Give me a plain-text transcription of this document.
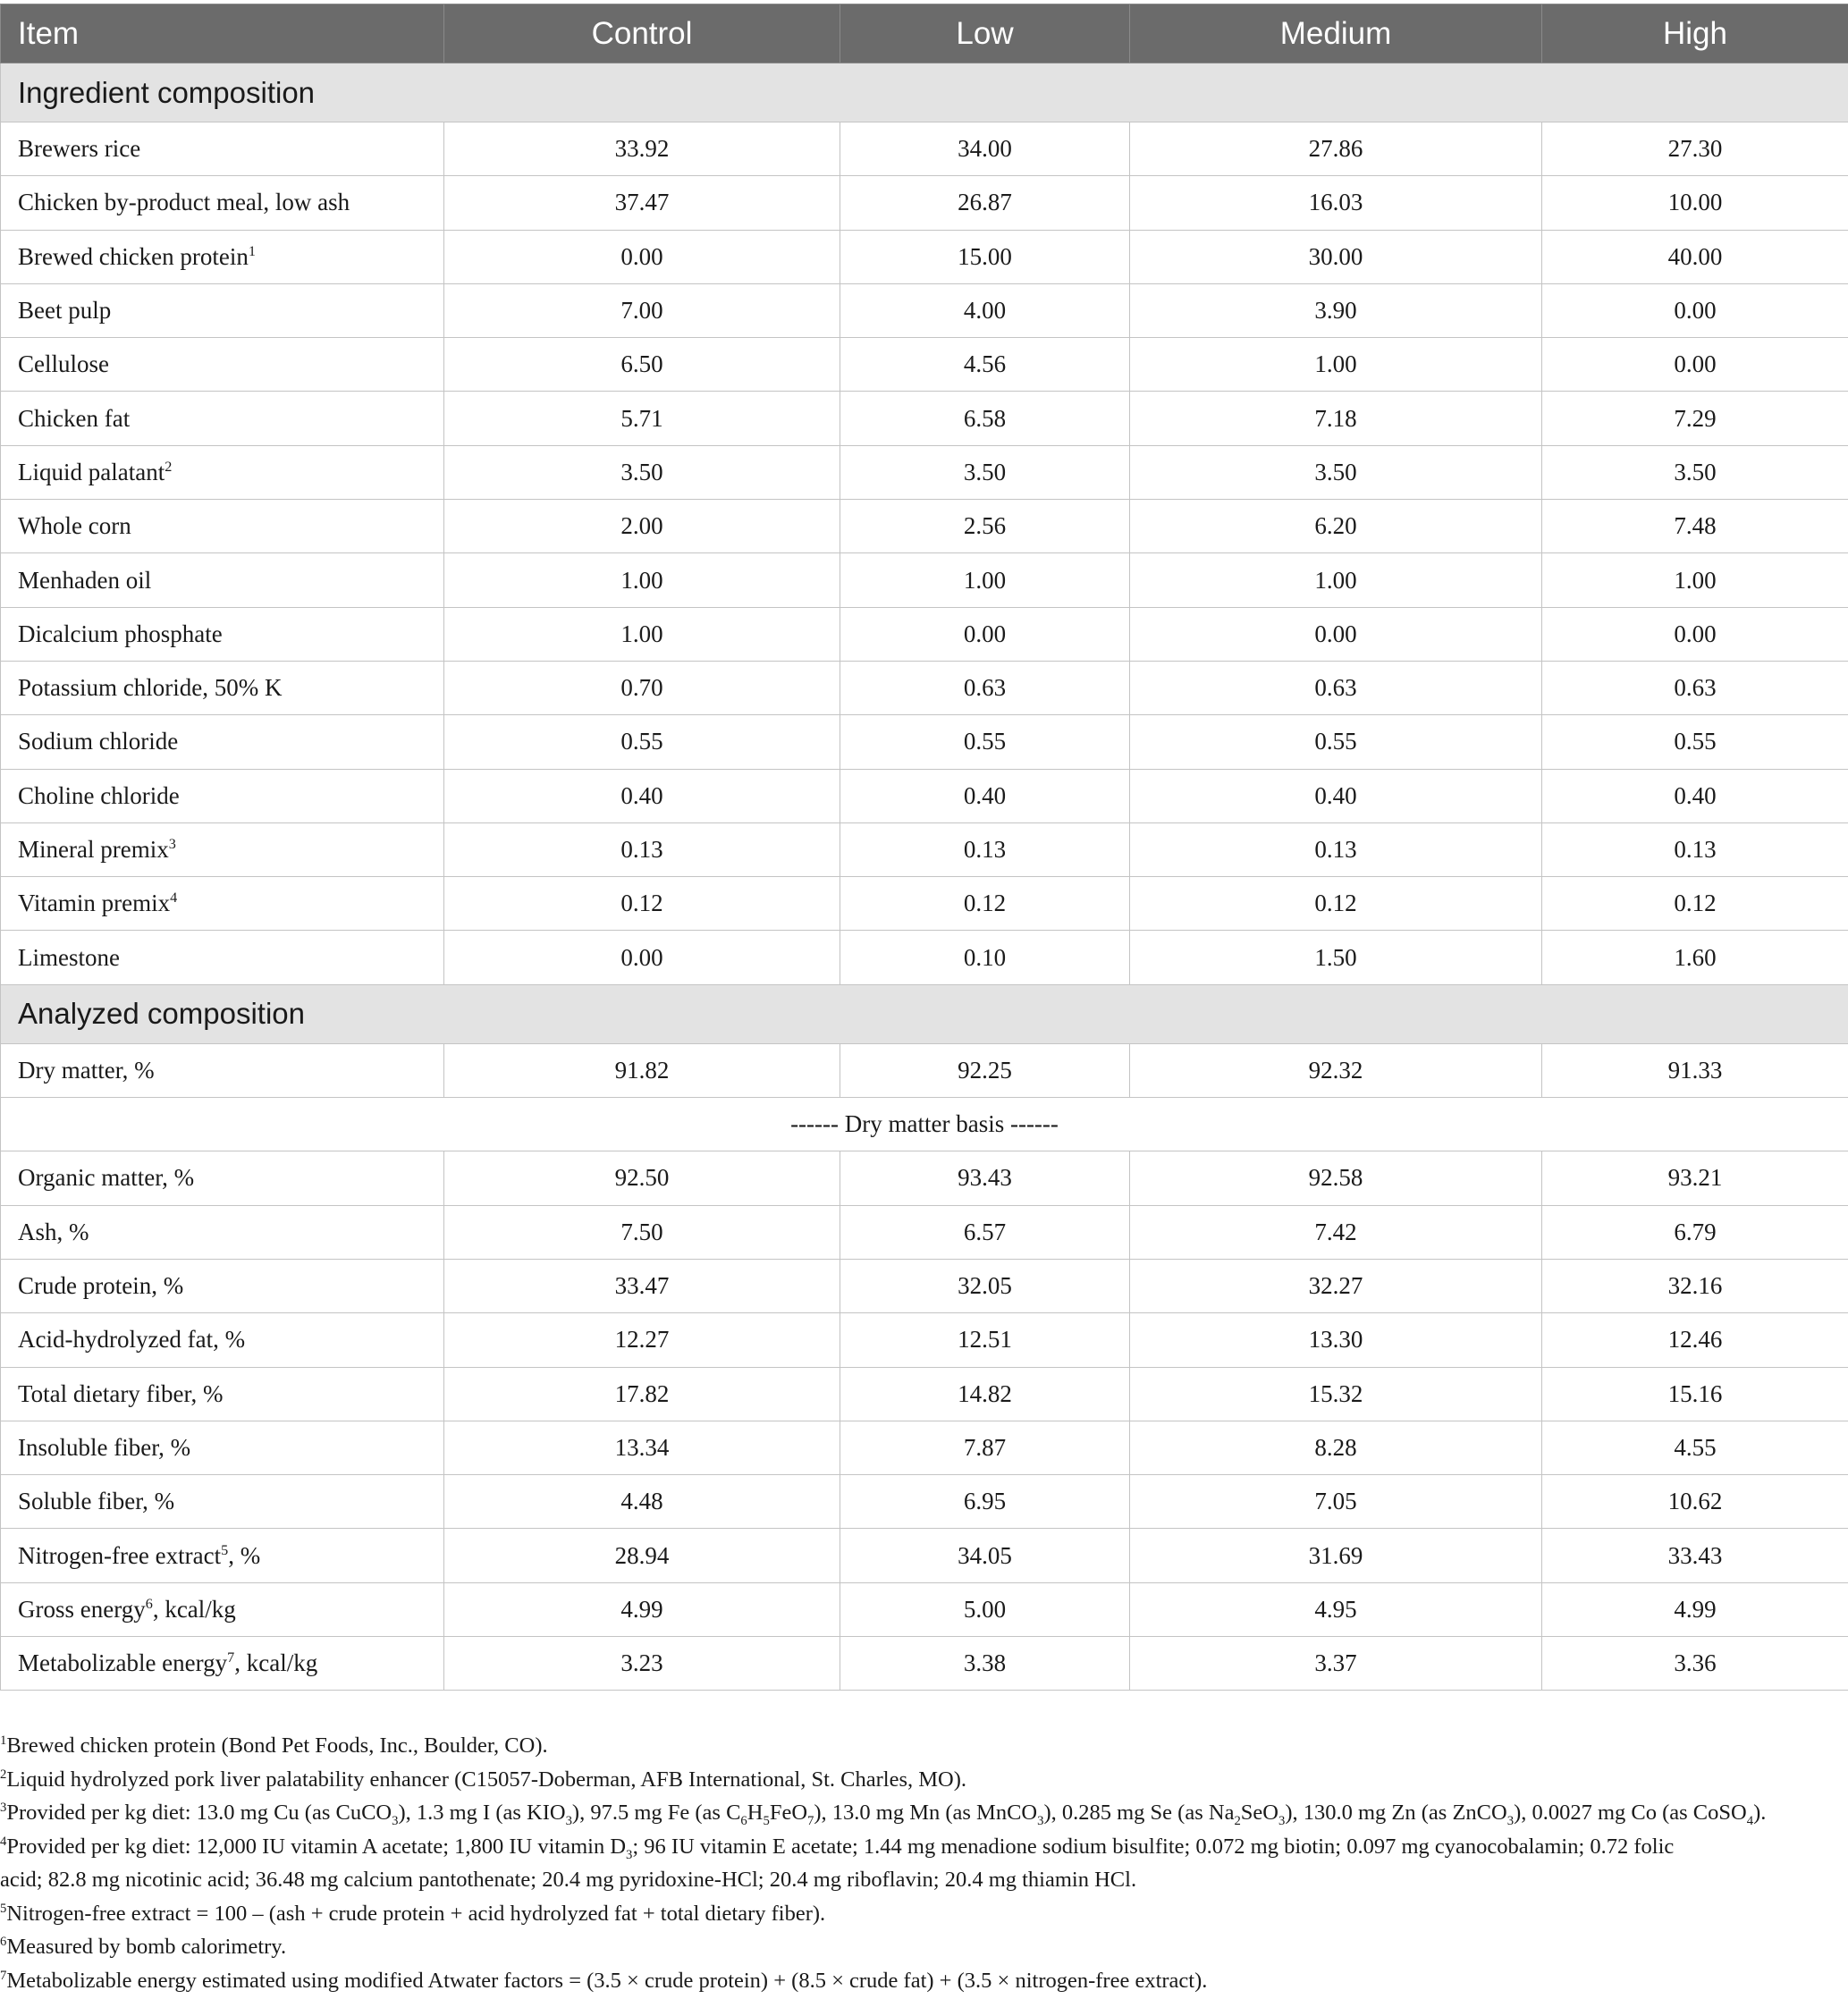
Item	Control	Low	Medium	High
Ingredient composition				
Brewers rice	33.92	34.00	27.86	27.30
Chicken by-product meal, low ash	37.47	26.87	16.03	10.00
Brewed chicken protein$^1$	0.00	15.00	30.00	40.00
Beet pulp	7.00	4.00	3.90	0.00
Cellulose	6.50	4.56	1.00	0.00
Chicken fat	5.71	6.58	7.18	7.29
Liquid palatant$^2$	3.50	3.50	3.50	3.50
Whole corn	2.00	2.56	6.20	7.48
Menhaden oil	1.00	1.00	1.00	1.00
Dicalcium phosphate	1.00	0.00	0.00	0.00
Potassium chloride, 50% K	0.70	0.63	0.63	0.63
Sodium chloride	0.55	0.55	0.55	0.55
Choline chloride	0.40	0.40	0.40	0.40
Mineral premix$^3$	0.13	0.13	0.13	0.13
Vitamin premix$^4$	0.12	0.12	0.12	0.12
Limestone	0.00	0.10	1.50	1.60
Analyzed composition				
Dry matter, %	91.82	92.25	92.32	91.33
------ Dry matter basis ------				
Organic matter, %	92.50	93.43	92.58	93.21
Ash, %	7.50	6.57	7.42	6.79
Crude protein, %	33.47	32.05	32.27	32.16
Acid-hydrolyzed fat, %	12.27	12.51	13.30	12.46
Total dietary fiber, %	17.82	14.82	15.32	15.16
Insoluble fiber, %	13.34	7.87	8.28	4.55
Soluble fiber, %	4.48	6.95	7.05	10.62
Nitrogen-free extract$^5$, %	28.94	34.05	31.69	33.43
Gross energy$^6$, kcal/kg	4.99	5.00	4.95	4.99
Metabolizable energy$^7$, kcal/kg	3.23	3.38	3.37	3.36

$^1$Brewed chicken protein (Bond Pet Foods, Inc., Boulder, CO).

$^2$Liquid hydrolyzed pork liver palatability enhancer (C15057-Doberman, AFB International, St. Charles, MO).

$^3$Provided per kg diet: 13.0 mg Cu (as CuCO$_3$), 1.3 mg I (as $KIO_3$), 97.5 mg Fe (as $C_6H_5FeO_7$), 13.0 mg Mn (as MnCO$_3$), 0.285 mg Se (as $Na_2SeO_3$), 130.0 mg Zn (as ZnCO$_3$), 0.0027 mg Co (as CoSO$_4$).

$^4$Provided per kg diet: 12,000 IU vitamin A acetate; 1,800 IU vitamin $D_3$; 96 IU vitamin E acetate; 1.44 mg menadione sodium bisulfite; 0.072 mg biotin; 0.097 mg cyanocobalamin; 0.72 folic
acid; 82.8 mg nicotinic acid; 36.48 mg calcium pantothenate; 20.4 mg pyridoxine-HCl; 20.4 mg riboflavin; 20.4 mg thiamin HCl.

$^5$Nitrogen-free extract = 100 – (ash + crude protein + acid hydrolyzed fat + total dietary fiber).

$^6$Measured by bomb calorimetry.

$^7$Metabolizable energy estimated using modified Atwater factors = (3.5 × crude protein) + (8.5 × crude fat) + (3.5 × nitrogen-free extract).
